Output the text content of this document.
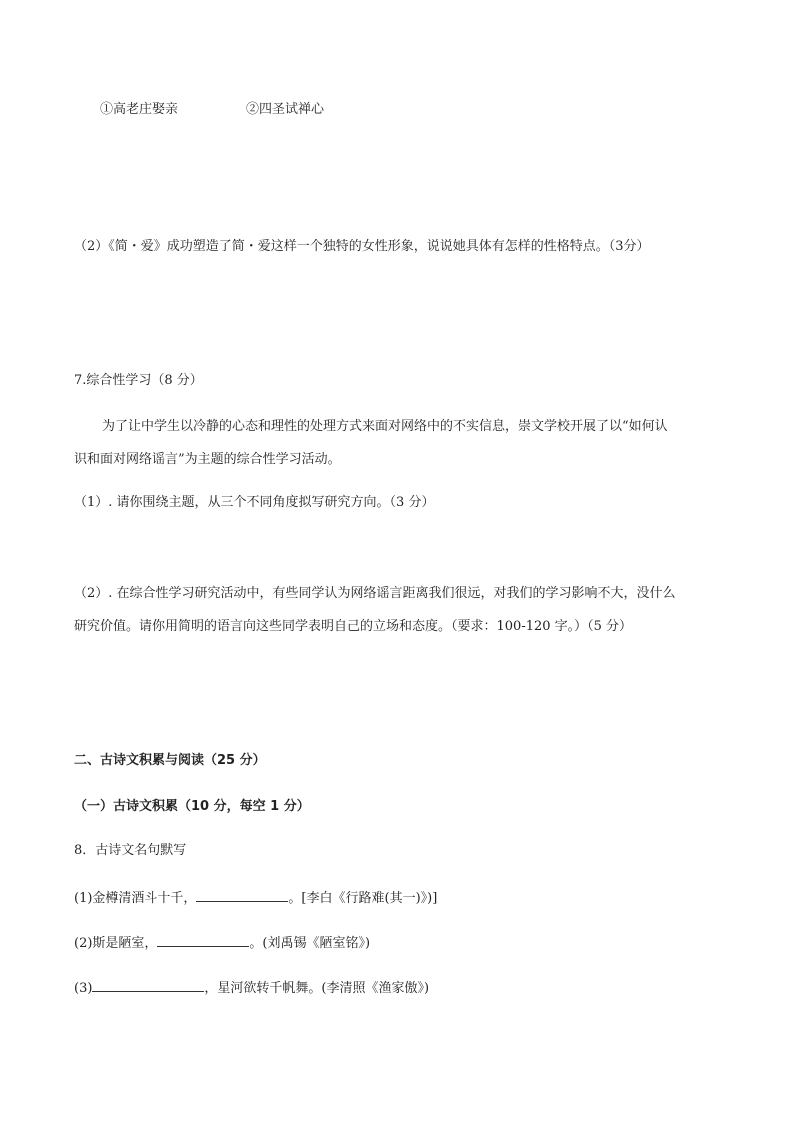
①高老庄娶亲	②四圣试禅心
（2）《简・爱》成功塑造了简・爱这样一个独特的女性形象，说说她具体有怎样的性格特点。（3分）
7.综合性学习（8 分）
为了让中学生以冷静的心态和理性的处理方式来面对网络中的不实信息，崇文学校开展了以“如何认
识和面对网络谣言”为主题的综合性学习活动。
（1）. 请你围绕主题，从三个不同角度拟写研究方向。（3 分）
（2）. 在综合性学习研究活动中，有些同学认为网络谣言距离我们很远，对我们的学习影响不大，没什么
研究价值。请你用简明的语言向这些同学表明自己的立场和态度。（要求：100-120 字。）（5 分）
二、古诗文积累与阅读（25 分）
（一）古诗文积累（10 分，每空 1 分）
8．古诗文名句默写
(1)金樽清酒斗十千，	。[李白《行路难(其一)》)]
(2)斯是陋室，	。(刘禹锡《陋室铭》)
(3)	，星河欲转千帆舞。(李清照《渔家傲》)
